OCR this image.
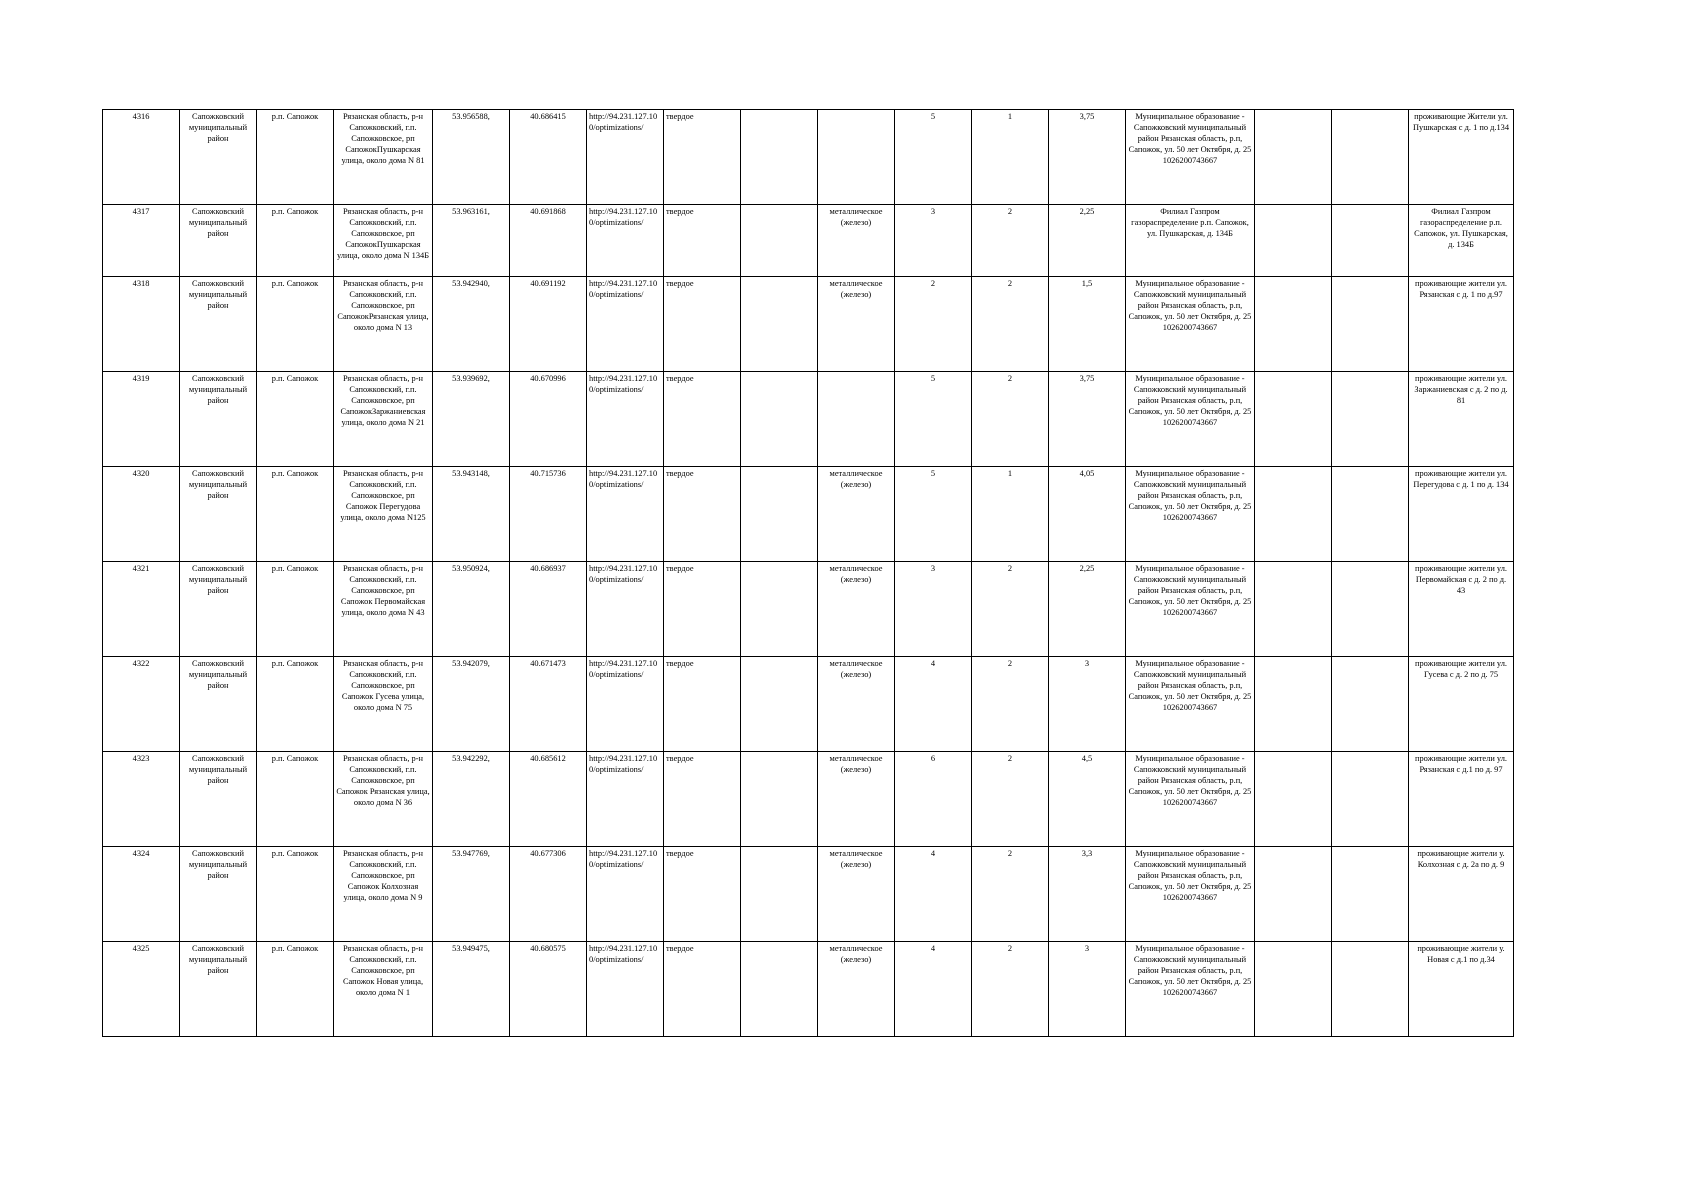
4316	Сапожковский муниципальный район	р.п. Сапожок	Рязанская область, р-н Сапожковский, г.п. Сапожковское, рп СапожокПушкарская улица, около дома N 81	53.956588,	40.686415	http://94.231.127.10 0/optimizations/	твердое			5	1	3,75	Муниципальное образование - Сапожковский муниципальный район Рязанская область, р.п, Сапожок, ул. 50 лет Октября, д. 25 1026200743667			проживающие Жители ул. Пушкарская с д. 1 по д.134
4317	Сапожковский муниципальный район	р.п. Сапожок	Рязанская область, р-н Сапожковский, г.п. Сапожковское, рп СапожокПушкарская улица, около дома N 134Б	53.963161,	40.691868	http://94.231.127.10 0/optimizations/	твердое		металлическое (железо)	3	2	2,25	Филиал Газпром газораспределение р.п. Сапожок, ул. Пушкарская, д. 134Б			Филиал Газпром газораспределение р.п. Сапожок, ул. Пушкарская, д. 134Б
4318	Сапожковский муниципальный район	р.п. Сапожок	Рязанская область, р-н Сапожковский, г.п. Сапожковское, рп СапожокРязанская улица, около дома N 13	53.942940,	40.691192	http://94.231.127.10 0/optimizations/	твердое		металлическое (железо)	2	2	1,5	Муниципальное образование - Сапожковский муниципальный район Рязанская область, р.п, Сапожок, ул. 50 лет Октября, д. 25 1026200743667			проживающие жители ул. Рязанская с д. 1 по д.97
4319	Сапожковский муниципальный район	р.п. Сапожок	Рязанская область, р-н Сапожковский, г.п. Сапожковское, рп СапожокЗаржаниевская улица, около дома N 21	53.939692,	40.670996	http://94.231.127.10 0/optimizations/	твердое			5	2	3,75	Муниципальное образование - Сапожковский муниципальный район Рязанская область, р.п, Сапожок, ул. 50 лет Октября, д. 25 1026200743667			проживающие жители ул. Заржаниевская с д. 2 по д. 81
4320	Сапожковский муниципальный район	р.п. Сапожок	Рязанская область, р-н Сапожковский, г.п. Сапожковское, рп Сапожок Перегудова улица, около дома N125	53.943148,	40.715736	http://94.231.127.10 0/optimizations/	твердое		металлическое (железо)	5	1	4,05	Муниципальное образование - Сапожковский муниципальный район Рязанская область, р.п, Сапожок, ул. 50 лет Октября, д. 25 1026200743667			проживающие жители ул. Перегудова с д. 1 по д. 134
4321	Сапожковский муниципальный район	р.п. Сапожок	Рязанская область, р-н Сапожковский, г.п. Сапожковское, рп Сапожок Первомайская улица, около дома N 43	53.950924,	40.686937	http://94.231.127.10 0/optimizations/	твердое		металлическое (железо)	3	2	2,25	Муниципальное образование - Сапожковский муниципальный район Рязанская область, р.п, Сапожок, ул. 50 лет Октября, д. 25 1026200743667			проживающие жители ул. Первомайская с д. 2 по д. 43
4322	Сапожковский муниципальный район	р.п. Сапожок	Рязанская область, р-н Сапожковский, г.п. Сапожковское, рп Сапожок Гусева улица, около дома N 75	53.942079,	40.671473	http://94.231.127.10 0/optimizations/	твердое		металлическое (железо)	4	2	3	Муниципальное образование - Сапожковский муниципальный район Рязанская область, р.п, Сапожок, ул. 50 лет Октября, д. 25 1026200743667			проживающие жители ул. Гусева с д. 2 по д. 75
4323	Сапожковский муниципальный район	р.п. Сапожок	Рязанская область, р-н Сапожковский, г.п. Сапожковское, рп Сапожок Рязанская улица, около дома N 36	53.942292,	40.685612	http://94.231.127.10 0/optimizations/	твердое		металлическое (железо)	6	2	4,5	Муниципальное образование - Сапожковский муниципальный район Рязанская область, р.п, Сапожок, ул. 50 лет Октября, д. 25 1026200743667			проживающие жители ул. Рязанская с д.1 по д. 97
4324	Сапожковский муниципальный район	р.п. Сапожок	Рязанская область, р-н Сапожковский, г.п. Сапожковское, рп Сапожок Колхозная улица, около дома N 9	53.947769,	40.677306	http://94.231.127.10 0/optimizations/	твердое		металлическое (железо)	4	2	3,3	Муниципальное образование - Сапожковский муниципальный район Рязанская область, р.п, Сапожок, ул. 50 лет Октября, д. 25 1026200743667			проживающие жители у. Колхозная с д. 2а по д. 9
4325	Сапожковский муниципальный район	р.п. Сапожок	Рязанская область, р-н Сапожковский, г.п. Сапожковское, рп Сапожок Новая улица, около дома N 1	53.949475,	40.680575	http://94.231.127.10 0/optimizations/	твердое		металлическое (железо)	4	2	3	Муниципальное образование - Сапожковский муниципальный район Рязанская область, р.п, Сапожок, ул. 50 лет Октября, д. 25 1026200743667			проживающие жители у. Новая с д.1 по д.34
